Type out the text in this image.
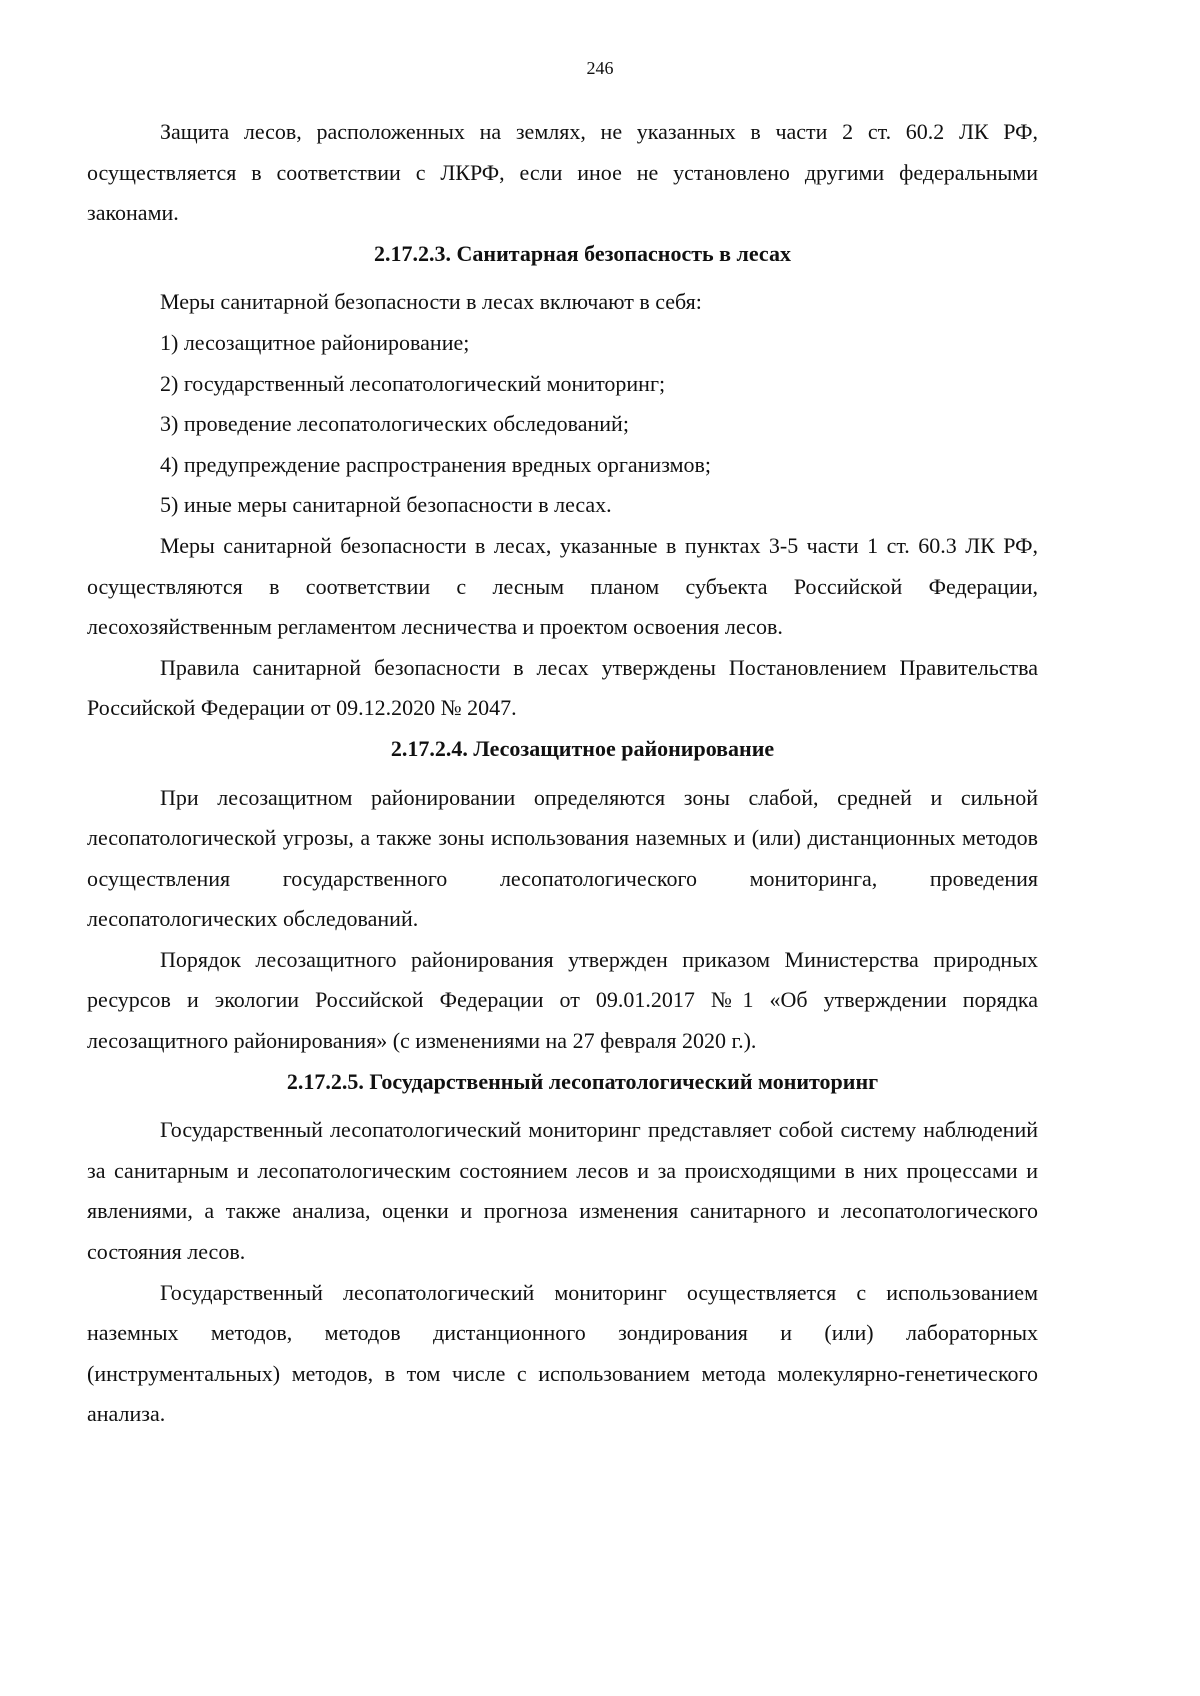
246

Защита лесов, расположенных на землях, не указанных в части 2 ст. 60.2 ЛК РФ, осуществляется в соответствии с ЛКРФ, если иное не установлено другими федеральными законами.

2.17.2.3. Санитарная безопасность в лесах

Меры санитарной безопасности в лесах включают в себя:

1) лесозащитное районирование;

2) государственный лесопатологический мониторинг;

3) проведение лесопатологических обследований;

4) предупреждение распространения вредных организмов;

5) иные меры санитарной безопасности в лесах.

Меры санитарной безопасности в лесах, указанные в пунктах 3-5 части 1 ст. 60.3 ЛК РФ, осуществляются в соответствии с лесным планом субъекта Российской Федерации, лесохозяйственным регламентом лесничества и проектом освоения лесов.

Правила санитарной безопасности в лесах утверждены Постановлением Правительства Российской Федерации от 09.12.2020 № 2047.

2.17.2.4. Лесозащитное районирование

При лесозащитном районировании определяются зоны слабой, средней и сильной лесопатологической угрозы, а также зоны использования наземных и (или) дистанционных методов осуществления государственного лесопатологического мониторинга, проведения лесопатологических обследований.

Порядок лесозащитного районирования утвержден приказом Министерства природных ресурсов и экологии Российской Федерации от 09.01.2017 №1 «Об утверждении порядка лесозащитного районирования» (с изменениями на 27 февраля 2020 г.).

2.17.2.5. Государственный лесопатологический мониторинг

Государственный лесопатологический мониторинг представляет собой систему наблюдений за санитарным и лесопатологическим состоянием лесов и за происходящими в них процессами и явлениями, а также анализа, оценки и прогноза изменения санитарного и лесопатологического состояния лесов.

Государственный лесопатологический мониторинг осуществляется с использованием наземных методов, методов дистанционного зондирования и (или) лабораторных (инструментальных) методов, в том числе с использованием метода молекулярно-генетического анализа.
